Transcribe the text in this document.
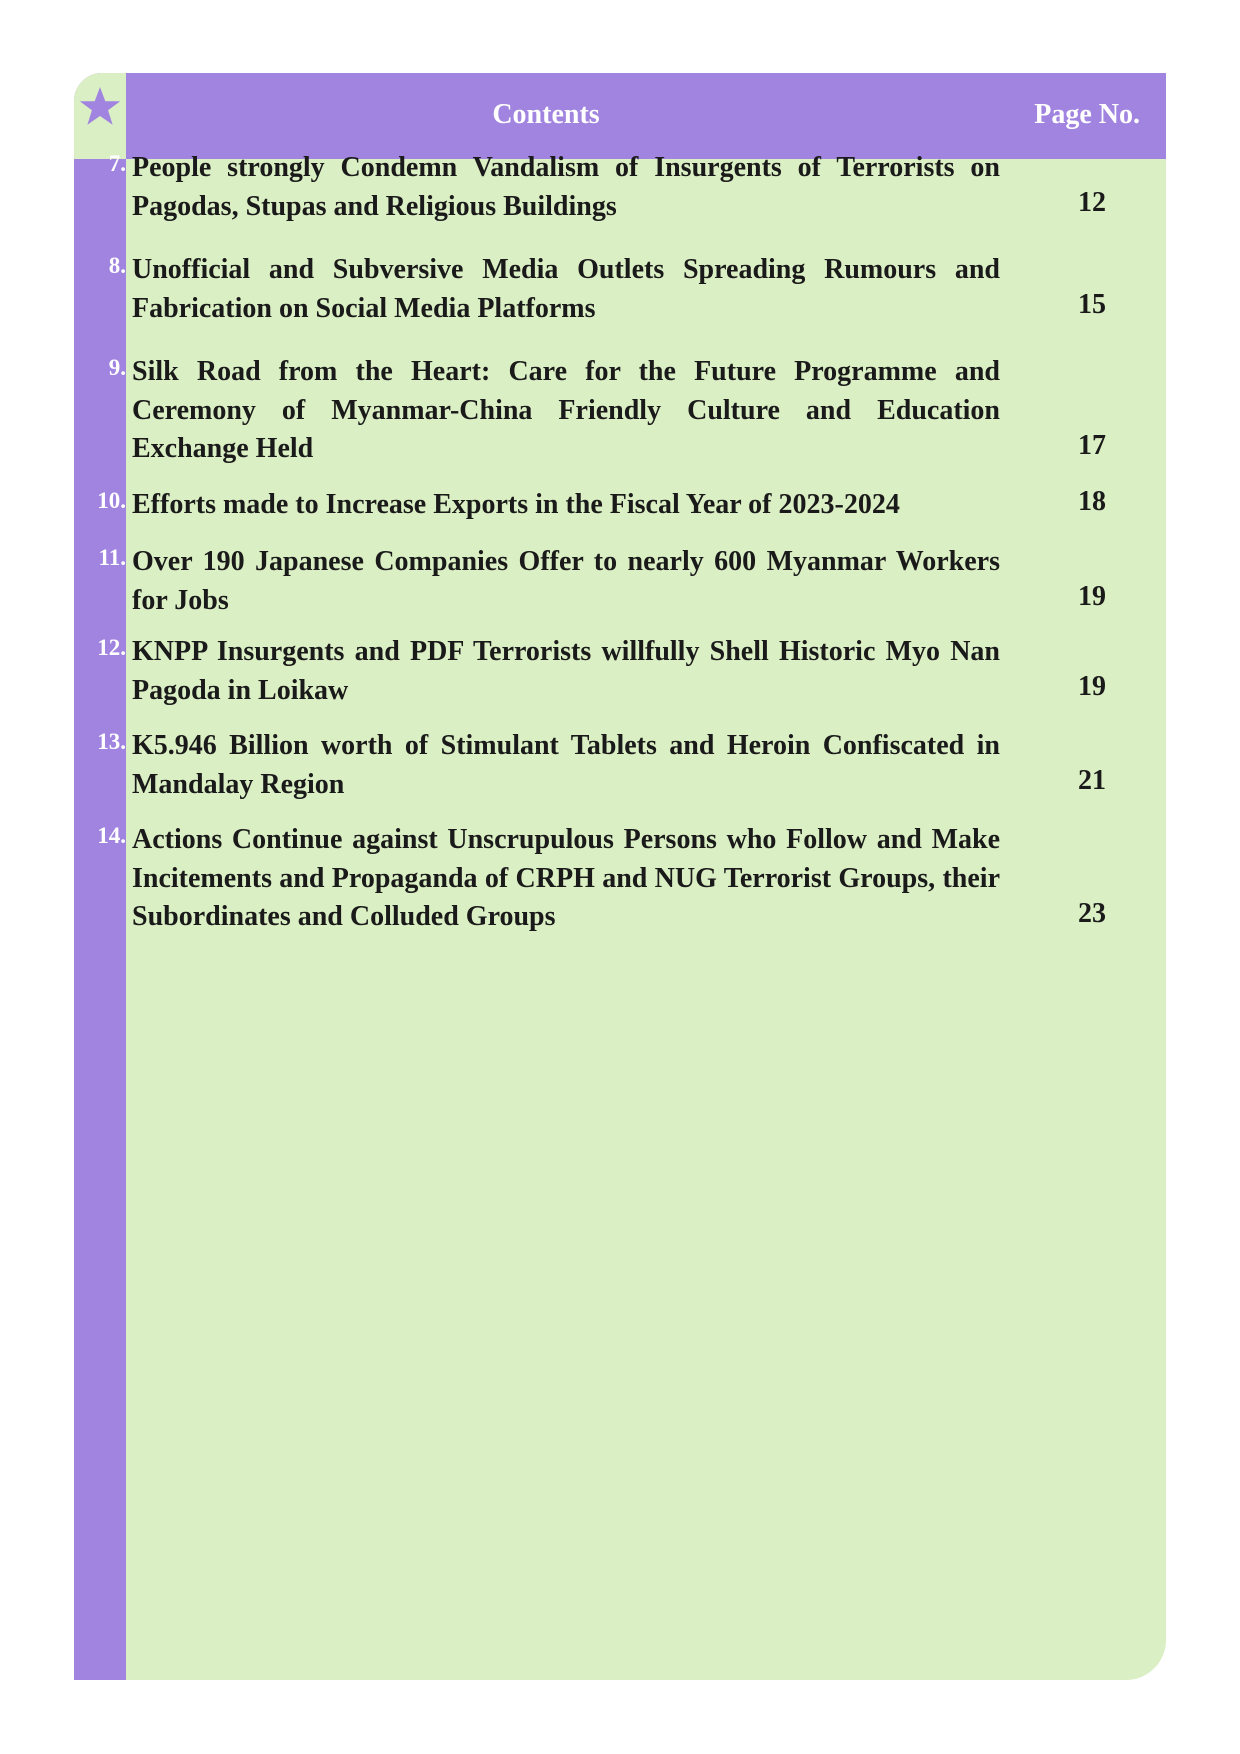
Contents	Page No.
7. People strongly Condemn Vandalism of Insurgents of Terrorists on Pagodas, Stupas and Religious Buildings	12
8. Unofficial and Subversive Media Outlets Spreading Rumours and Fabrication on Social Media Platforms	15
9. Silk Road from the Heart: Care for the Future Programme and Ceremony of Myanmar-China Friendly Culture and Education Exchange Held	17
10. Efforts made to Increase Exports in the Fiscal Year of 2023-2024	18
11. Over 190 Japanese Companies Offer to nearly 600 Myanmar Workers for Jobs	19
12. KNPP Insurgents and PDF Terrorists willfully Shell Historic Myo Nan Pagoda in Loikaw	19
13. K5.946 Billion worth of Stimulant Tablets and Heroin Confiscated in Mandalay Region	21
14. Actions Continue against Unscrupulous Persons who Follow and Make Incitements and Propaganda of CRPH and NUG Terrorist Groups, their Subordinates and Colluded Groups	23
